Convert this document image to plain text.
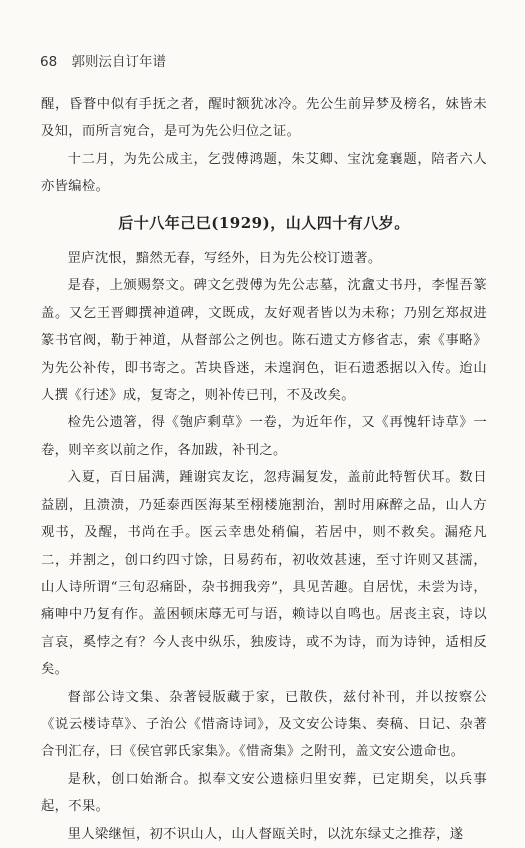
68 郭则沄自订年谱

醒，昏瞀中似有手抚之者，醒时额犹冰冷。先公生前异梦及榜名，妹皆未及知，而所言宛合，是可为先公归位之证。

十二月，为先公成主，乞弢傅鸿题，朱艾卿、宝沈龛襄题，陪者六人亦皆编检。

后十八年己巳(1929)，山人四十有八岁。

罡庐沈恨，黯然无春，写经外，日为先公校订遗著。

是春，上颁赐祭文。碑文乞弢傅为先公志墓，沈盦丈书丹，李惺吾篆盖。又乞王晋卿撰神道碑，文既成，友好观者皆以为未称；乃别乞郑叔进篆书官阀，勒于神道，从督部公之例也。陈石遗丈方修省志，索《事略》为先公补传，即书寄之。苫块昏迷，未遑润色，讵石遗悉据以入传。迨山人撰《行述》成，复寄之，则补传已刊，不及改矣。

检先公遗箸，得《匏庐剩草》一卷，为近年作，又《再愧轩诗草》一卷，则辛亥以前之作，各加跋，补刊之。

入夏，百日届满，踵谢宾友讫，忽痔漏复发，盖前此特暂伏耳。数日益剧，且溃溃，乃延泰西医海某至栩楼施割治，割时用麻醉之品，山人方观书，及醒，书尚在手。医云幸患处稍偏，若居中，则不救矣。漏疮凡二，并割之，创口约四寸馀，日易药布，初收效甚速，至寸许则又甚濡，山人诗所谓“三旬忍痛卧，杂书拥我旁”，具见苦趣。自居忧，未尝为诗，痛呻中乃复有作。盖困顿床蓐无可与语，赖诗以自鸣也。居丧主哀，诗以言哀，奚悖之有？今人丧中纵乐，独废诗，或不为诗，而为诗钟，适相反矣。

督部公诗文集、杂著锓版藏于家，已散佚，兹付补刊，并以按察公《说云楼诗草》、子治公《惜斋诗词》，及文安公诗集、奏稿、日记、杂著合刊汇存，曰《侯官郭氏家集》。《惜斋集》之附刊，盖文安公遗命也。

是秋，创口始渐合。拟奉文安公遗榇归里安葬，已定期矣，以兵事起，不果。

里人梁继恒，初不识山人，山人督瓯关时，以沈东绿丈之推荐，遂
